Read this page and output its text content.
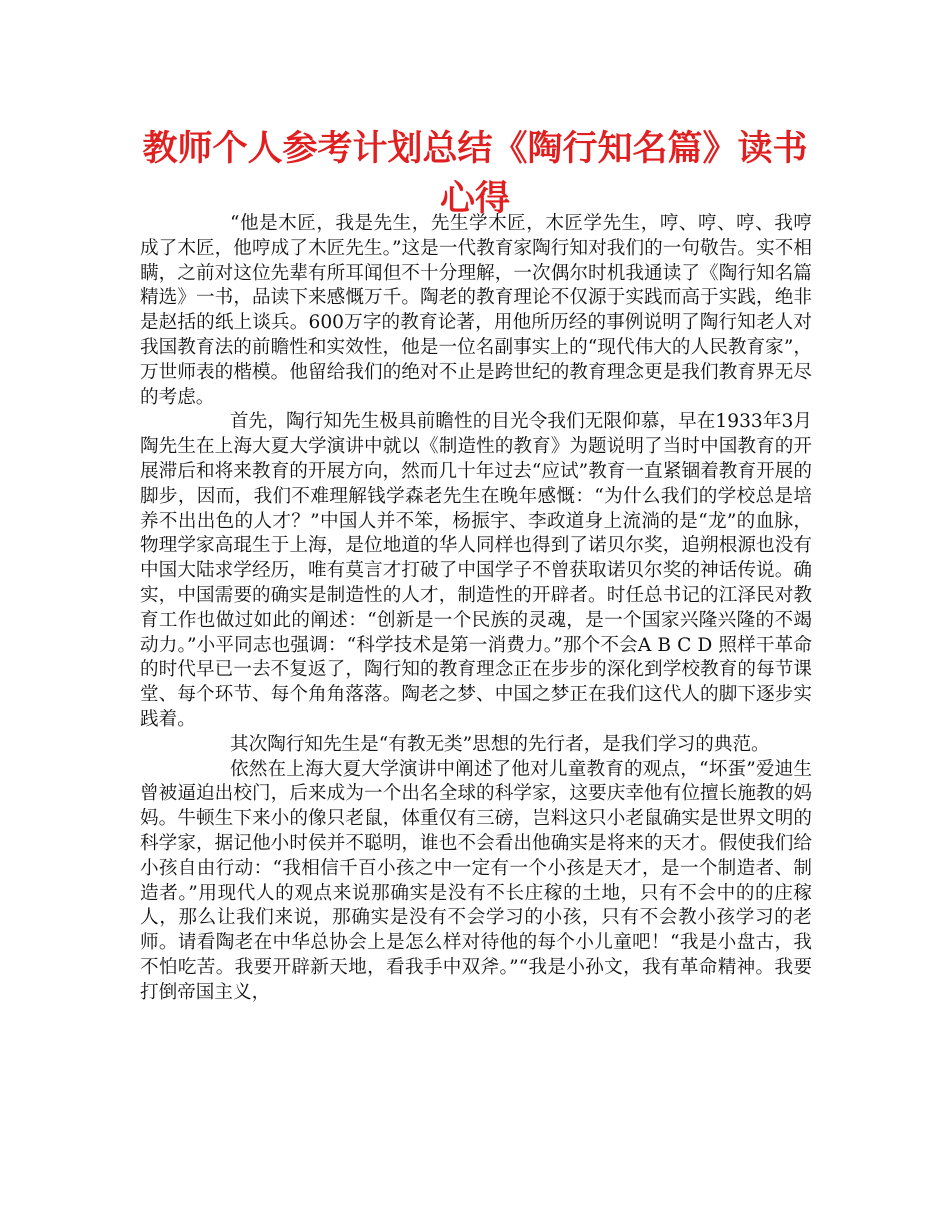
教师个人参考计划总结《陶行知名篇》读书心得

“他是木匠，我是先生，先生学木匠，木匠学先生，哼、哼、哼、我哼成了木匠，他哼成了木匠先生。”这是一代教育家陶行知对我们的一句敬告。实不相瞒，之前对这位先辈有所耳闻但不十分理解，一次偶尔时机我通读了《陶行知名篇精选》一书，品读下来感慨万千。陶老的教育理论不仅源于实践而高于实践，绝非是赵括的纸上谈兵。600万字的教育论著，用他所历经的事例说明了陶行知老人对我国教育法的前瞻性和实效性，他是一位名副事实上的“现代伟大的人民教育家”，万世师表的楷模。他留给我们的绝对不止是跨世纪的教育理念更是我们教育界无尽的考虑。

首先，陶行知先生极具前瞻性的目光令我们无限仰慕，早在1933年3月陶先生在上海大夏大学演讲中就以《制造性的教育》为题说明了当时中国教育的开展滞后和将来教育的开展方向，然而几十年过去“应试”教育一直紧锢着教育开展的脚步，因而，我们不难理解钱学森老先生在晚年感慨：“为什么我们的学校总是培养不出出色的人才？”中国人并不笨，杨振宇、李政道身上流淌的是“龙”的血脉，物理学家高琨生于上海，是位地道的华人同样也得到了诺贝尔奖，追朔根源也没有中国大陆求学经历，唯有莫言才打破了中国学子不曾获取诺贝尔奖的神话传说。确实，中国需要的确实是制造性的人才，制造性的开辟者。时任总书记的江泽民对教育工作也做过如此的阐述：“创新是一个民族的灵魂，是一个国家兴隆兴隆的不竭动力。”小平同志也强调：“科学技术是第一消费力。”那个不会A B C D 照样干革命的时代早已一去不复返了，陶行知的教育理念正在步步的深化到学校教育的每节课堂、每个环节、每个角角落落。陶老之梦、中国之梦正在我们这代人的脚下逐步实践着。

其次陶行知先生是“有教无类”思想的先行者，是我们学习的典范。

依然在上海大夏大学演讲中阐述了他对儿童教育的观点，“坏蛋”爱迪生曾被逼迫出校门，后来成为一个出名全球的科学家，这要庆幸他有位擅长施教的妈妈。牛顿生下来小的像只老鼠，体重仅有三磅，岂料这只小老鼠确实是世界文明的科学家，据记他小时侯并不聪明，谁也不会看出他确实是将来的天才。假使我们给小孩自由行动：“我相信千百小孩之中一定有一个小孩是天才，是一个制造者、制造者。”用现代人的观点来说那确实是没有不长庄稼的土地，只有不会中的的庄稼人，那么让我们来说，那确实是没有不会学习的小孩，只有不会教小孩学习的老师。请看陶老在中华总协会上是怎么样对待他的每个小儿童吧！“我是小盘古，我不怕吃苦。我要开辟新天地，看我手中双斧。”“我是小孙文，我有革命精神。我要打倒帝国主义，
